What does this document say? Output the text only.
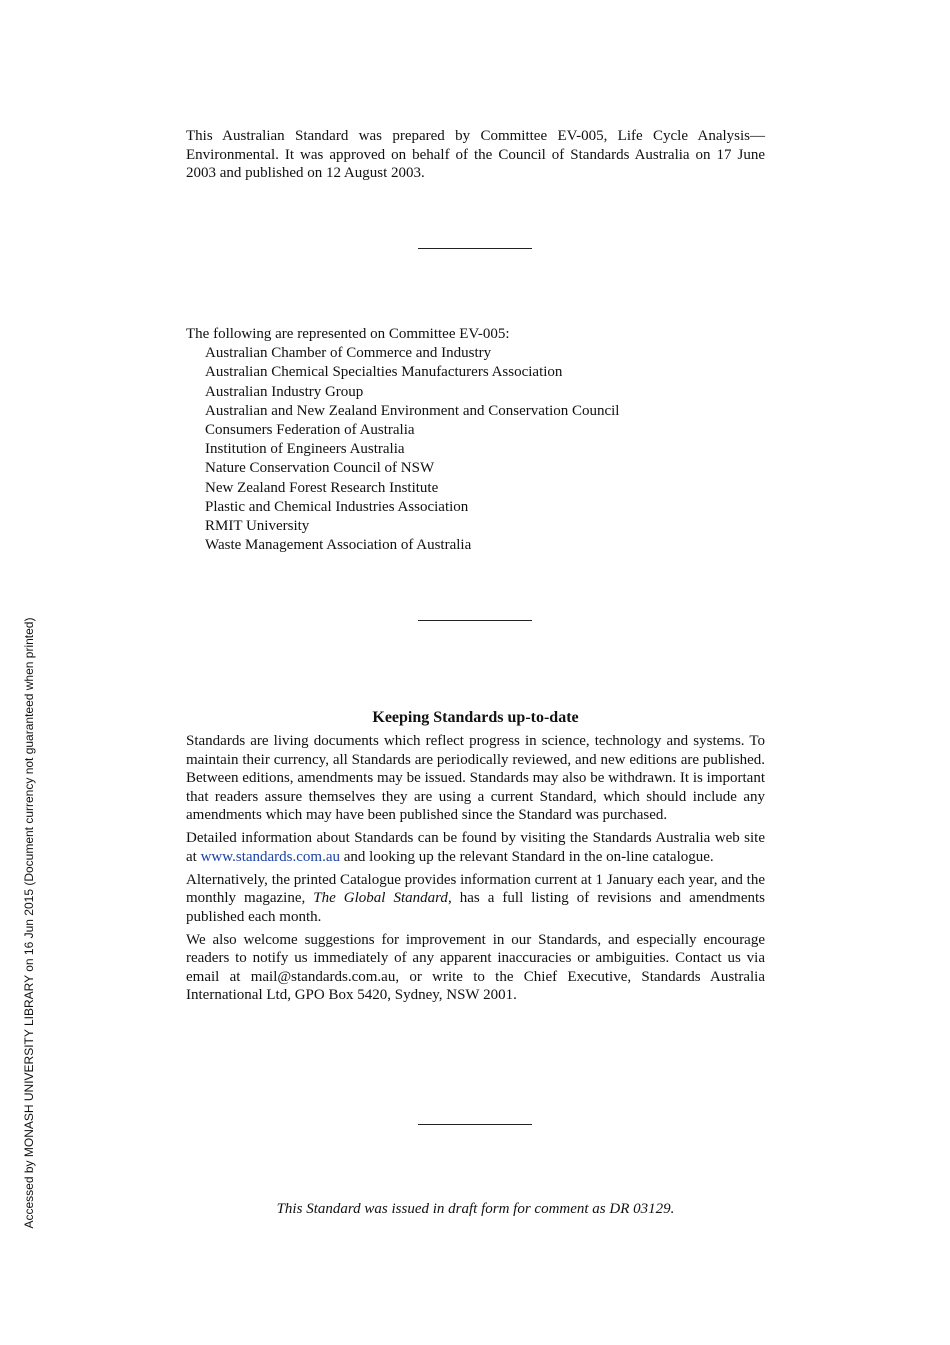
This Australian Standard was prepared by Committee EV-005, Life Cycle Analysis—Environmental. It was approved on behalf of the Council of Standards Australia on 17 June 2003 and published on 12 August 2003.
The following are represented on Committee EV-005:
Australian Chamber of Commerce and Industry
Australian Chemical Specialties Manufacturers Association
Australian Industry Group
Australian and New Zealand Environment and Conservation Council
Consumers Federation of Australia
Institution of Engineers Australia
Nature Conservation Council of NSW
New Zealand Forest Research Institute
Plastic and Chemical Industries Association
RMIT University
Waste Management Association of Australia
Keeping Standards up-to-date

Standards are living documents which reflect progress in science, technology and systems. To maintain their currency, all Standards are periodically reviewed, and new editions are published. Between editions, amendments may be issued. Standards may also be withdrawn. It is important that readers assure themselves they are using a current Standard, which should include any amendments which may have been published since the Standard was purchased.

Detailed information about Standards can be found by visiting the Standards Australia web site at www.standards.com.au and looking up the relevant Standard in the on-line catalogue.

Alternatively, the printed Catalogue provides information current at 1 January each year, and the monthly magazine, The Global Standard, has a full listing of revisions and amendments published each month.

We also welcome suggestions for improvement in our Standards, and especially encourage readers to notify us immediately of any apparent inaccuracies or ambiguities. Contact us via email at mail@standards.com.au, or write to the Chief Executive, Standards Australia International Ltd, GPO Box 5420, Sydney, NSW 2001.

This Standard was issued in draft form for comment as DR 03129.
Accessed by MONASH UNIVERSITY LIBRARY on 16 Jun 2015 (Document currency not guaranteed when printed)
